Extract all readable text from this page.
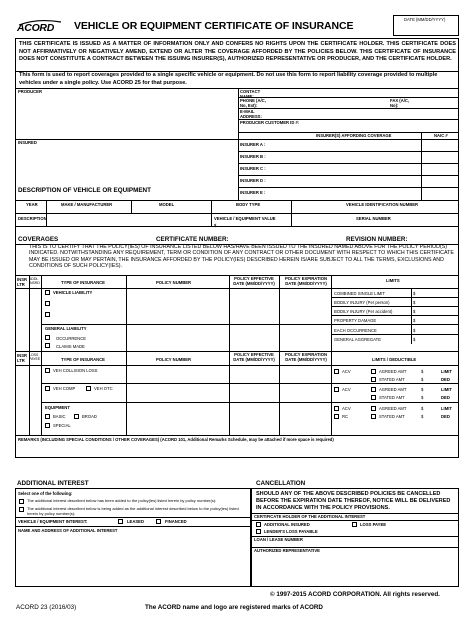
ACORD VEHICLE OR EQUIPMENT CERTIFICATE OF INSURANCE
DATE (MM/DD/YYYY)
THIS CERTIFICATE IS ISSUED AS A MATTER OF INFORMATION ONLY AND CONFERS NO RIGHTS UPON THE CERTIFICATE HOLDER. THIS CERTIFICATE DOES NOT AFFIRMATIVELY OR NEGATIVELY AMEND, EXTEND OR ALTER THE COVERAGE AFFORDED BY THE POLICIES BELOW. THIS CERTIFICATE OF INSURANCE DOES NOT CONSTITUTE A CONTRACT BETWEEN THE ISSUING INSURER(S), AUTHORIZED REPRESENTATIVE OR PRODUCER, AND THE CERTIFICATE HOLDER.
This form is used to report coverages provided to a single specific vehicle or equipment. Do not use this form to report liability coverage provided to multiple vehicles under a single policy. Use ACORD 25 for that purpose.
PRODUCER	CONTACT NAME:
PHONE (A/C, No, Ext):
FAX (A/C, No):
E-MAIL ADDRESS:
PRODUCER CUSTOMER ID #:
INSURER(S) AFFORDING COVERAGE	NAIC #
INSURED	INSURER A :
INSURER B :
INSURER C :
INSURER D :
INSURER E :
DESCRIPTION OF VEHICLE OR EQUIPMENT
YEAR	MAKE / MANUFACTURER	MODEL	BODY TYPE	VEHICLE IDENTIFICATION NUMBER
DESCRIPTION	VEHICLE / EQUIPMENT VALUE
$
SERIAL NUMBER
COVERAGES	CERTIFICATE NUMBER:	REVISION NUMBER:
THIS IS TO CERTIFY THAT THE POLICY(IES) OF INSURANCE LISTED BELOW HAS/HAVE BEEN ISSUED TO THE INSURED NAMED ABOVE FOR THE POLICY PERIOD(S) INDICATED. NOTWITHSTANDING ANY REQUIREMENT, TERM OR CONDITION OF ANY CONTRACT OR OTHER DOCUMENT WITH RESPECT TO WHICH THIS CERTIFICATE MAY BE ISSUED OR MAY PERTAIN, THE INSURANCE AFFORDED BY THE POLICY(IES) DESCRIBED HEREIN IS/ARE SUBJECT TO ALL THE TERMS, EXCLUSIONS AND CONDITIONS OF SUCH POLICY(IES).
INSR LTR
ADDL INSRD	TYPE OF INSURANCE	POLICY NUMBER
POLICY EFFECTIVE DATE (MM/DD/YYYY)
POLICY EXPIRATION DATE (MM/DD/YYYY)
LIMITS
VEHICLE LIABILITY	COMBINED SINGLE LIMIT	$
BODILY INJURY (Per person)	$
BODILY INJURY (Per accident)	$
PROPERTY DAMAGE	$
GENERAL LIABILITY	EACH OCCURRENCE	$
GENERAL AGGREGATE	$
OCCURRENCE
CLAIMS MADE
INSR LTR
LOSS PAYEE	TYPE OF INSURANCE	POLICY NUMBER
POLICY EFFECTIVE DATE (MM/DD/YYYY)
POLICY EXPIRATION DATE (MM/DD/YYYY)	LIMITS / DEDUCTIBLE
VEH COLLISION LOSS
VEH COMP	VEH OTC
EQUIPMENT
BASIC	BROAD
SPECIAL
ACV	AGREED AMT	$	LIMIT
STATED AMT	$	DED
ACV	AGREED AMT	$	LIMIT
STATED AMT	$	DED
ACV	AGREED AMT	$	LIMIT
RC	STATED AMT	$	DED
REMARKS (INCLUDING SPECIAL CONDITIONS / OTHER COVERAGES) (ACORD 101, Additional Remarks Schedule, may be attached if more space is required)
ADDITIONAL INTEREST	CANCELLATION
Select one of the following:
The additional interest described below has been added to the policy(ies) listed herein by policy number(s):
The additional interest described below is being added as the additional interest described below to the policy(ies) listed herein by policy number(s):
VEHICLE / EQUIPMENT INTEREST:	LEASED	FINANCED
NAME AND ADDRESS OF ADDITIONAL INTEREST
SHOULD ANY OF THE ABOVE DESCRIBED POLICIES BE CANCELLED BEFORE THE EXPIRATION DATE THEREOF, NOTICE WILL BE DELIVERED IN ACCORDANCE WITH THE POLICY PROVISIONS.
CERTIFICATE HOLDER OF THE ADDITIONAL INTEREST
ADDITIONAL INSURED	LOSS PAYEE
LENDER'S LOSS PAYABLE
LOAN / LEASE NUMBER
AUTHORIZED REPRESENTATIVE
© 1997-2015 ACORD CORPORATION. All rights reserved.
ACORD 23 (2016/03)	The ACORD name and logo are registered marks of ACORD
